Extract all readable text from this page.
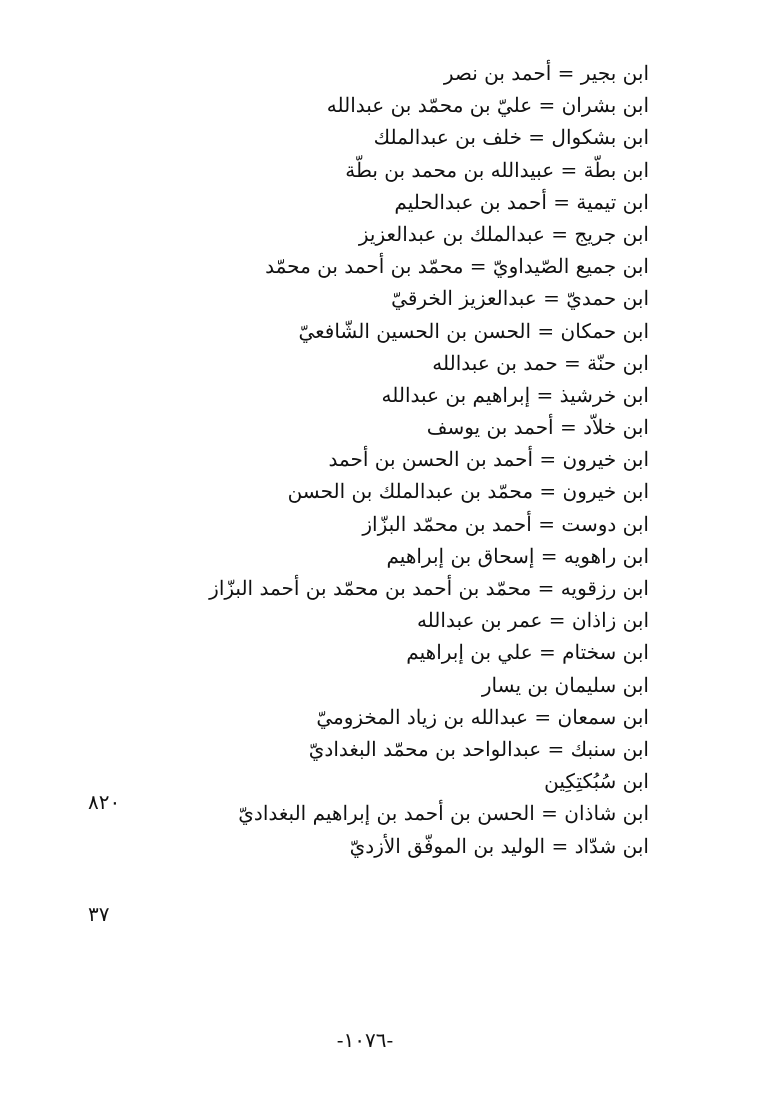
ابن بجير = أحمد بن نصر
ابن بشران = عليّ بن محمّد بن عبدالله
ابن بشكوال = خلف بن عبدالملك
ابن بطّة = عبيدالله بن محمد بن بطّة
ابن تيمية = أحمد بن عبدالحليم
ابن جريج = عبدالملك بن عبدالعزيز
ابن جميع الصّيداويّ = محمّد بن أحمد بن محمّد
ابن حمديّ = عبدالعزيز الخرقيّ
ابن حمكان = الحسن بن الحسين الشّافعيّ
ابن حنّة = حمد بن عبدالله
ابن خرشيذ = إبراهيم بن عبدالله
ابن خلاّد = أحمد بن يوسف
ابن خيرون = أحمد بن الحسن بن أحمد
ابن خيرون = محمّد بن عبدالملك بن الحسن
ابن دوست = أحمد بن محمّد البزّاز
ابن راهويه = إسحاق بن إبراهيم
ابن رزقويه = محمّد بن أحمد بن محمّد بن أحمد البزّاز
ابن زاذان = عمر بن عبدالله
ابن سختام = علي بن إبراهيم
ابن سليمان بن يسار
ابن سمعان = عبدالله بن زياد المخزوميّ
ابن سنبك = عبدالواحد بن محمّد البغداديّ
ابن سُبُكتِكِين
ابن شاذان = الحسن بن أحمد بن إبراهيم البغداديّ
ابن شدّاد = الوليد بن الموفّق الأزديّ
٨٢٠
٣٧
-١٠٧٦-
